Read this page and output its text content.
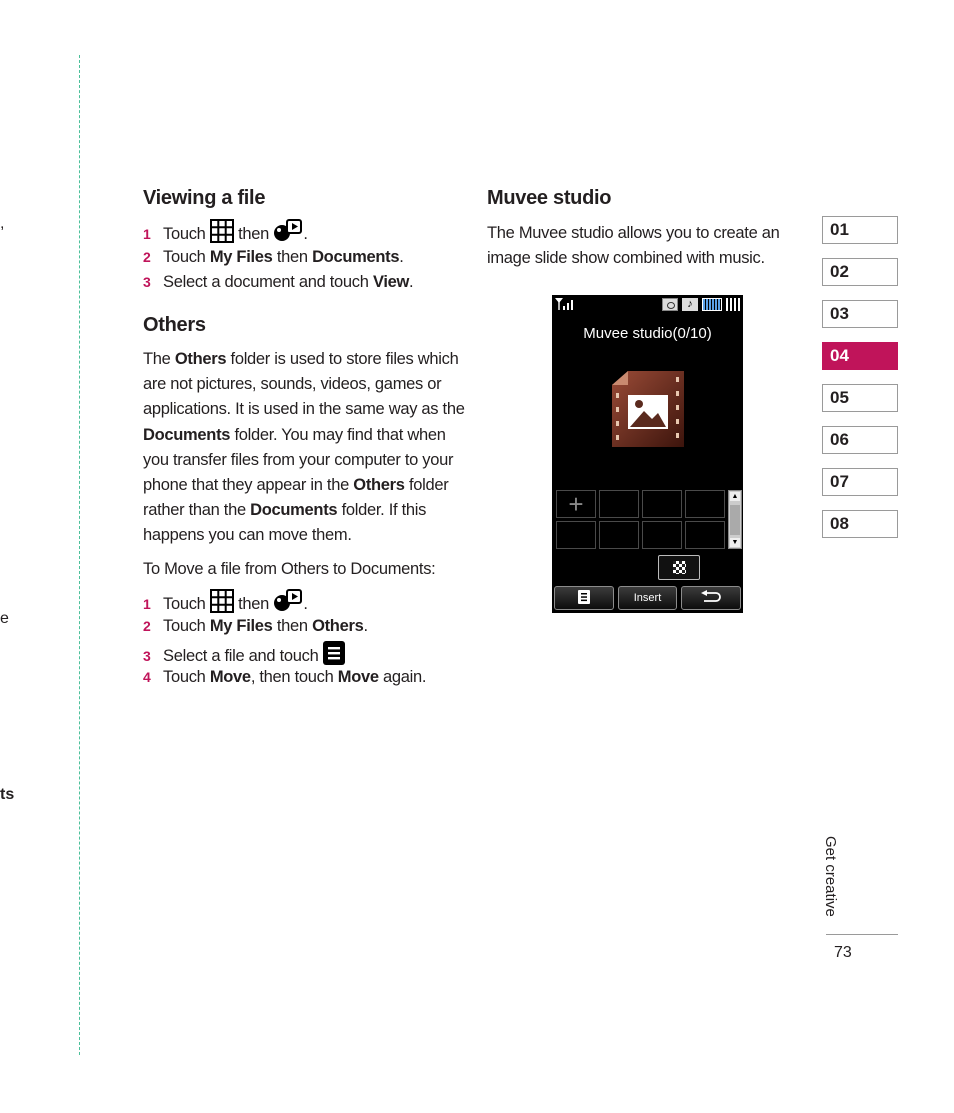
,
e
ts
Viewing a file
1 Touch then .
2 Touch My Files then Documents.
3 Select a document and touch View.
Others
The Others folder is used to store files which are not pictures, sounds, videos, games or applications. It is used in the same way as the Documents folder. You may find that when you transfer files from your computer to your phone that they appear in the Others folder rather than the Documents folder. If this happens you can move them.
To Move a file from Others to Documents:
1 Touch then .
2 Touch My Files then Others.
3 Select a file and touch
4 Touch Move, then touch Move again.
Muvee studio
The Muvee studio allows you to create an image slide show combined with music.
♪
Muvee studio(0/10)
+	▲
▼
Insert
01
02
03
04
05
06
07
08
Get creative
73
